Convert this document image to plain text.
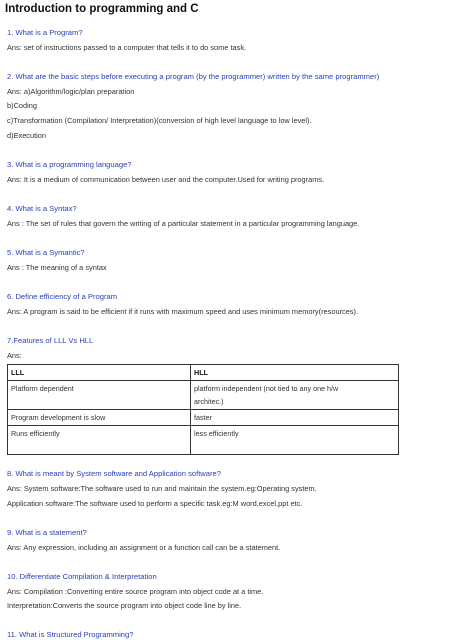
Introduction to programming and C
1. What is a Program?
Ans: set of instructions passed to a computer that tells it to do some task.
2. What are the basic steps before executing a program (by the programmer) written by the same programmer)
Ans: a)Algorithm/logic/plan preparation
b)Coding
c)Transformation (Compilation/ Interpretation)(conversion of high level language to low level).
d)Execution
3. What is a programming language?
Ans: It is a medium of communication between user and the computer.Used for writing programs.
4. What is a Syntax?
Ans : The set of rules that govern the writing of a particular statement in a particular programming language.
5. What is a Symantic?
Ans : The meaning of a syntax
6. Define efficiency of a Program
Ans: A program is said to be efficient if it runs with maximum speed and uses minimum memory(resources).
7.Features of LLL Vs HLL
Ans:
LLL	HLL
Platform dependent	platform independent (not tied to any one h/w
architec.)

Program development is slow	faster
Runs efficiently	less efficiently
8. What is meant by System software and Application software?
Ans: System software:The software used to run and maintain the system.eg:Operating system.
Application software:The software used to perform a specific task.eg:M word,excel,ppt etc.
9. What is a statement?
Ans: Any expression, including an assignment or a function call can be a statement.
10. Differentiate Compilation & Interpretation
Ans: Compilation :Converting entire source program into object code at a time.
Interpretation:Converts the source program into object code line by line.
11. What is Structured Programming?
